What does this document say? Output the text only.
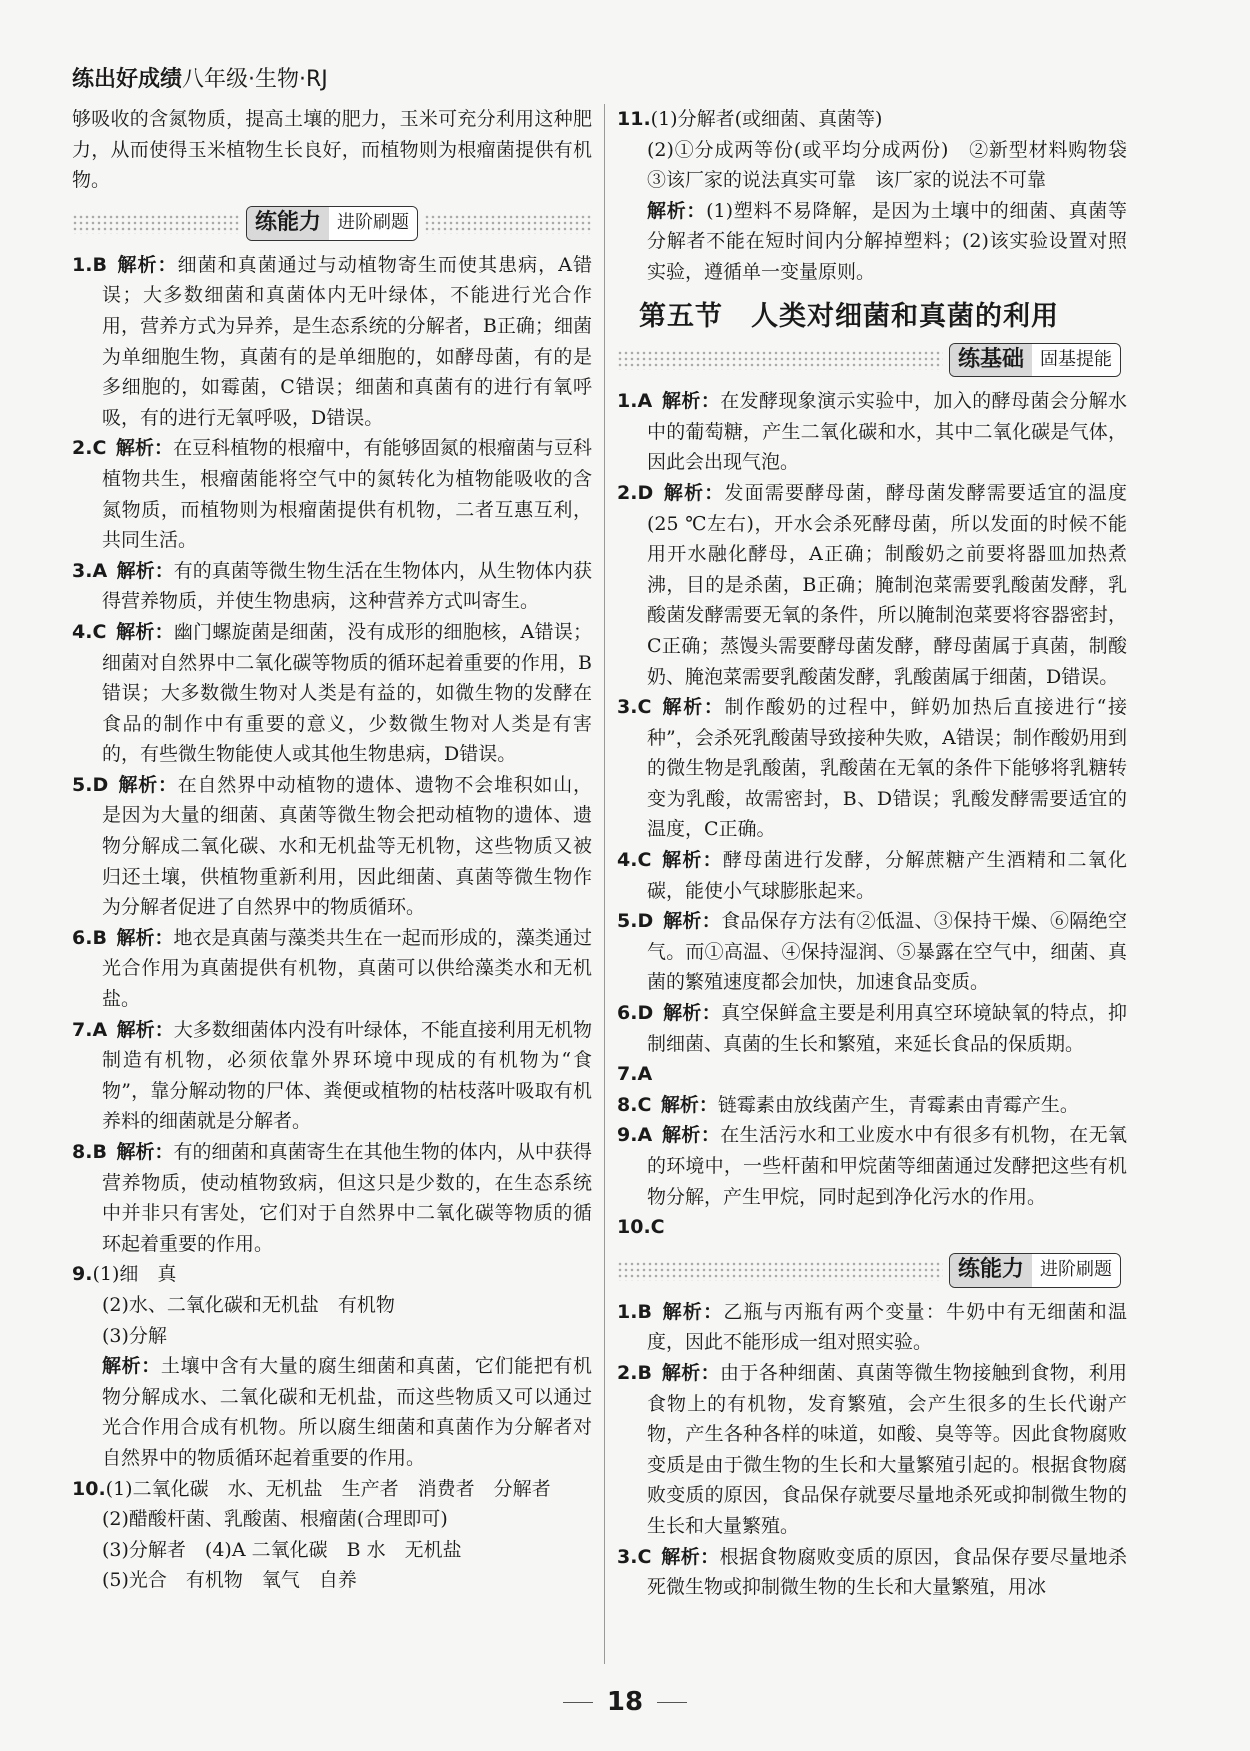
练出好成绩八年级·生物·RJ

够吸收的含氮物质，提高土壤的肥力，玉米可充分利用这种肥力，从而使得玉米植物生长良好，而植物则为根瘤菌提供有机物。

练能力 进阶刷题

1.B  解析：细菌和真菌通过与动植物寄生而使其患病，A错误；大多数细菌和真菌体内无叶绿体，不能进行光合作用，营养方式为异养，是生态系统的分解者，B正确；细菌为单细胞生物，真菌有的是单细胞的，如酵母菌，有的是多细胞的，如霉菌，C错误；细菌和真菌有的进行有氧呼吸，有的进行无氧呼吸，D错误。

2.C  解析：在豆科植物的根瘤中，有能够固氮的根瘤菌与豆科植物共生，根瘤菌能将空气中的氮转化为植物能吸收的含氮物质，而植物则为根瘤菌提供有机物，二者互惠互利，共同生活。

3.A  解析：有的真菌等微生物生活在生物体内，从生物体内获得营养物质，并使生物患病，这种营养方式叫寄生。

4.C  解析：幽门螺旋菌是细菌，没有成形的细胞核，A错误；细菌对自然界中二氧化碳等物质的循环起着重要的作用，B错误；大多数微生物对人类是有益的，如微生物的发酵在食品的制作中有重要的意义，少数微生物对人类是有害的，有些微生物能使人或其他生物患病，D错误。

5.D  解析：在自然界中动植物的遗体、遗物不会堆积如山，是因为大量的细菌、真菌等微生物会把动植物的遗体、遗物分解成二氧化碳、水和无机盐等无机物，这些物质又被归还土壤，供植物重新利用，因此细菌、真菌等微生物作为分解者促进了自然界中的物质循环。

6.B  解析：地衣是真菌与藻类共生在一起而形成的，藻类通过光合作用为真菌提供有机物，真菌可以供给藻类水和无机盐。

7.A  解析：大多数细菌体内没有叶绿体，不能直接利用无机物制造有机物，必须依靠外界环境中现成的有机物为“食物”，靠分解动物的尸体、粪便或植物的枯枝落叶吸取有机养料的细菌就是分解者。

8.B  解析：有的细菌和真菌寄生在其他生物的体内，从中获得营养物质，使动植物致病，但这只是少数的，在生态系统中并非只有害处，它们对于自然界中二氧化碳等物质的循环起着重要的作用。

9.(1)细　真

(2)水、二氧化碳和无机盐　有机物

(3)分解

解析：土壤中含有大量的腐生细菌和真菌，它们能把有机物分解成水、二氧化碳和无机盐，而这些物质又可以通过光合作用合成有机物。所以腐生细菌和真菌作为分解者对自然界中的物质循环起着重要的作用。

10.(1)二氧化碳　水、无机盐　生产者　消费者　分解者

(2)醋酸杆菌、乳酸菌、根瘤菌(合理即可)

(3)分解者　(4)A 二氧化碳　B 水　无机盐

(5)光合　有机物　氧气　自养

11.(1)分解者(或细菌、真菌等)

(2)①分成两等份(或平均分成两份)　②新型材料购物袋　③该厂家的说法真实可靠　该厂家的说法不可靠

解析：(1)塑料不易降解，是因为土壤中的细菌、真菌等分解者不能在短时间内分解掉塑料；(2)该实验设置对照实验，遵循单一变量原则。

第五节　人类对细菌和真菌的利用
练基础 固基提能

1.A  解析：在发酵现象演示实验中，加入的酵母菌会分解水中的葡萄糖，产生二氧化碳和水，其中二氧化碳是气体，因此会出现气泡。

2.D  解析：发面需要酵母菌，酵母菌发酵需要适宜的温度(25 ℃左右)，开水会杀死酵母菌，所以发面的时候不能用开水融化酵母，A正确；制酸奶之前要将器皿加热煮沸，目的是杀菌，B正确；腌制泡菜需要乳酸菌发酵，乳酸菌发酵需要无氧的条件，所以腌制泡菜要将容器密封，C正确；蒸馒头需要酵母菌发酵，酵母菌属于真菌，制酸奶、腌泡菜需要乳酸菌发酵，乳酸菌属于细菌，D错误。

3.C  解析：制作酸奶的过程中，鲜奶加热后直接进行“接种”，会杀死乳酸菌导致接种失败，A错误；制作酸奶用到的微生物是乳酸菌，乳酸菌在无氧的条件下能够将乳糖转变为乳酸，故需密封，B、D错误；乳酸发酵需要适宜的温度，C正确。

4.C  解析：酵母菌进行发酵，分解蔗糖产生酒精和二氧化碳，能使小气球膨胀起来。

5.D  解析：食品保存方法有②低温、③保持干燥、⑥隔绝空气。而①高温、④保持湿润、⑤暴露在空气中，细菌、真菌的繁殖速度都会加快，加速食品变质。

6.D  解析：真空保鲜盒主要是利用真空环境缺氧的特点，抑制细菌、真菌的生长和繁殖，来延长食品的保质期。

7.A

8.C  解析：链霉素由放线菌产生，青霉素由青霉产生。

9.A  解析：在生活污水和工业废水中有很多有机物，在无氧的环境中，一些杆菌和甲烷菌等细菌通过发酵把这些有机物分解，产生甲烷，同时起到净化污水的作用。

10.C

练能力 进阶刷题

1.B  解析：乙瓶与丙瓶有两个变量：牛奶中有无细菌和温度，因此不能形成一组对照实验。

2.B  解析：由于各种细菌、真菌等微生物接触到食物，利用食物上的有机物，发育繁殖，会产生很多的生长代谢产物，产生各种各样的味道，如酸、臭等等。因此食物腐败变质是由于微生物的生长和大量繁殖引起的。根据食物腐败变质的原因，食品保存就要尽量地杀死或抑制微生物的生长和大量繁殖。

3.C  解析：根据食物腐败变质的原因，食品保存要尽量地杀死微生物或抑制微生物的生长和大量繁殖，用冰

18
